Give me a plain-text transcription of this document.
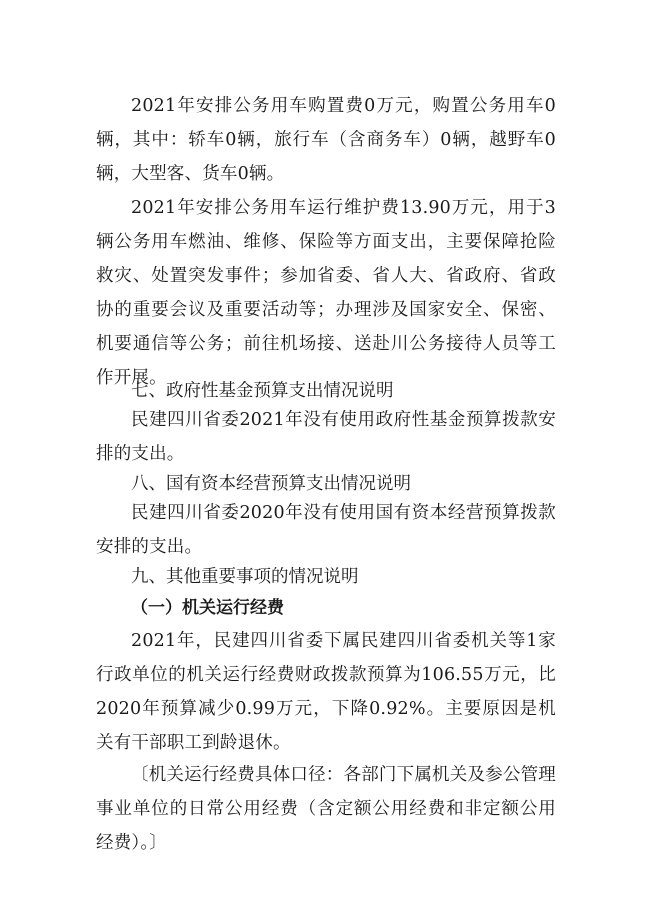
2021年安排公务用车购置费0万元，购置公务用车0辆，其中：轿车0辆，旅行车（含商务车）0辆，越野车0辆，大型客、货车0辆。

2021年安排公务用车运行维护费13.90万元，用于3辆公务用车燃油、维修、保险等方面支出，主要保障抢险救灾、处置突发事件；参加省委、省人大、省政府、省政协的重要会议及重要活动等；办理涉及国家安全、保密、机要通信等公务；前往机场接、送赴川公务接待人员等工作开展。

七、政府性基金预算支出情况说明

民建四川省委2021年没有使用政府性基金预算拨款安排的支出。

八、国有资本经营预算支出情况说明

民建四川省委2020年没有使用国有资本经营预算拨款安排的支出。

九、其他重要事项的情况说明

（一）机关运行经费

2021年，民建四川省委下属民建四川省委机关等1家行政单位的机关运行经费财政拨款预算为106.55万元，比2020年预算减少0.99万元，下降0.92%。主要原因是机关有干部职工到龄退休。

〔机关运行经费具体口径：各部门下属机关及参公管理事业单位的日常公用经费（含定额公用经费和非定额公用经费）。〕
